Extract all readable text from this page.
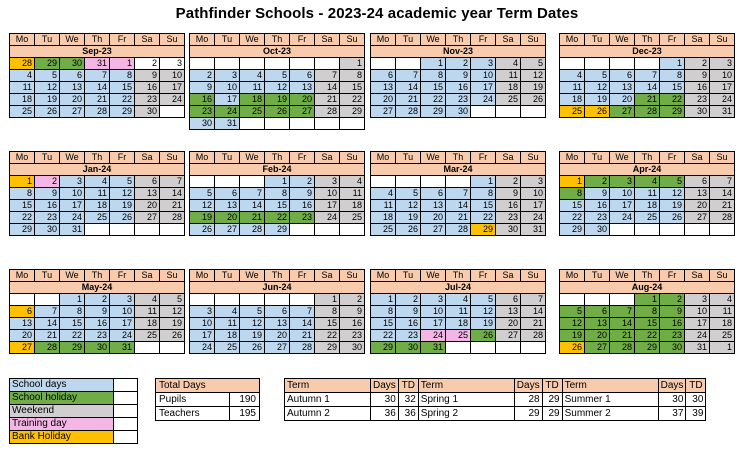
Pathfinder Schools - 2023-24 academic year Term Dates
Mo	Tu	We	Th	Fr	Sa	Su
Sep-23						
28	29	30	31	1	2	3
4	5	6	7	8	9	10
11	12	13	14	15	16	17
18	19	20	21	22	23	24
25	26	27	28	29	30	
Mo	Tu	We	Th	Fr	Sa	Su
Oct-23						
						1
2	3	4	5	6	7	8
9	10	11	12	13	14	15
16	17	18	19	20	21	22
23	24	25	26	27	28	29
30	31					
Mo	Tu	We	Th	Fr	Sa	Su
Nov-23						
		1	2	3	4	5
6	7	8	9	10	11	12
13	14	15	16	17	18	19
20	21	22	23	24	25	26
27	28	29	30			
Mo	Tu	We	Th	Fr	Sa	Su
Dec-23						
				1	2	3
4	5	6	7	8	9	10
11	12	13	14	15	16	17
18	19	20	21	22	23	24
25	26	27	28	29	30	31
Mo	Tu	We	Th	Fr	Sa	Su
Jan-24						
1	2	3	4	5	6	7
8	9	10	11	12	13	14
15	16	17	18	19	20	21
22	23	24	25	26	27	28
29	30	31				
Mo	Tu	We	Th	Fr	Sa	Su
Feb-24						
			1	2	3	4
5	6	7	8	9	10	11
12	13	14	15	16	17	18
19	20	21	22	23	24	25
26	27	28	29			
Mo	Tu	We	Th	Fr	Sa	Su
Mar-24						
				1	2	3
4	5	6	7	8	9	10
11	12	13	14	15	16	17
18	19	20	21	22	23	24
25	26	27	28	29	30	31
Mo	Tu	We	Th	Fr	Sa	Su
Apr-24						
1	2	3	4	5	6	7
8	9	10	11	12	13	14
15	16	17	18	19	20	21
22	23	24	25	26	27	28
29	30					
Mo	Tu	We	Th	Fr	Sa	Su
May-24						
		1	2	3	4	5
6	7	8	9	10	11	12
13	14	15	16	17	18	19
20	21	22	23	24	25	26
27	28	29	30	31		
Mo	Tu	We	Th	Fr	Sa	Su
Jun-24						
					1	2
3	4	5	6	7	8	9
10	11	12	13	14	15	16
17	18	19	20	21	22	23
24	25	26	27	28	29	30
Mo	Tu	We	Th	Fr	Sa	Su
Jul-24						
1	2	3	4	5	6	7
8	9	10	11	12	13	14
15	16	17	18	19	20	21
22	23	24	25	26	27	28
29	30	31				
Mo	Tu	We	Th	Fr	Sa	Su
Aug-24						
			1	2	3	4
5	6	7	8	9	10	11
12	13	14	15	16	17	18
19	20	21	22	23	24	25
26	27	28	29	30	31	1
School days	
School holiday	
Weekend	
Training day	
Bank Holiday	
Total Days	
Pupils	190
Teachers	195
Term	Days	TD	Term	Days	TD	Term	Days	TD
Autumn 1	30	32	Spring 1	28	29	Summer 1	30	30
Autumn 2	36	36	Spring 2	29	29	Summer 2	37	39
